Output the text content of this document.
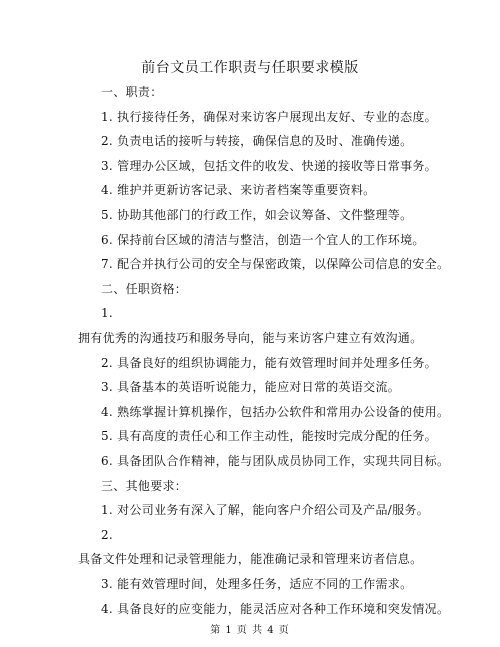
前台文员工作职责与任职要求模版
一、职责：
1. 执行接待任务，确保对来访客户展现出友好、专业的态度。
2. 负责电话的接听与转接，确保信息的及时、准确传递。
3. 管理办公区域，包括文件的收发、快递的接收等日常事务。
4. 维护并更新访客记录、来访者档案等重要资料。
5. 协助其他部门的行政工作，如会议筹备、文件整理等。
6. 保持前台区域的清洁与整洁，创造一个宜人的工作环境。
7. 配合并执行公司的安全与保密政策，以保障公司信息的安全。
二、任职资格：
1.
拥有优秀的沟通技巧和服务导向，能与来访客户建立有效沟通。
2. 具备良好的组织协调能力，能有效管理时间并处理多任务。
3. 具备基本的英语听说能力，能应对日常的英语交流。
4. 熟练掌握计算机操作，包括办公软件和常用办公设备的使用。
5. 具有高度的责任心和工作主动性，能按时完成分配的任务。
6. 具备团队合作精神，能与团队成员协同工作，实现共同目标。
三、其他要求：
1. 对公司业务有深入了解，能向客户介绍公司及产品/服务。
2.
具备文件处理和记录管理能力，能准确记录和管理来访者信息。
3. 能有效管理时间，处理多任务，适应不同的工作需求。
4. 具备良好的应变能力，能灵活应对各种工作环境和突发情况。
第 1 页 共 4 页
